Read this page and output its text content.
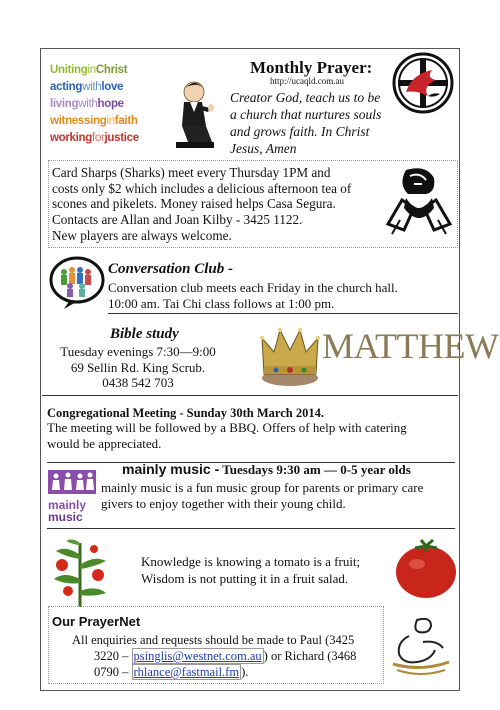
UnitinginChrist
actingwithlove
livingwithhope
witnessinginfaith
workingforjustice
Monthly Prayer:
http://ucaqld.com.au
Creator God, teach us to be a church that nurtures souls and grows faith. In Christ Jesus, Amen
Card Sharps (Sharks) meet every Thursday 1PM and
costs only $2 which includes a delicious afternoon tea of
scones and pikelets. Money raised helps Casa Segura.
Contacts are Allan and Joan Kilby - 3425 1122.
New players are always welcome.
Conversation Club -
Conversation club meets each Friday in the church hall.
10:00 am. Tai Chi class follows at 1:00 pm.
Bible study
Tuesday evenings 7:30—9:00
69 Sellin Rd. King Scrub.
0438 542 703
MATTHEW
Congregational Meeting - Sunday 30th March 2014.
The meeting will be followed by a BBQ. Offers of help with catering
would be appreciated.
mainly
music
mainly music - Tuesdays 9:30 am — 0-5 year olds
mainly music is a fun music group for parents or primary care
givers to enjoy together with their young child.
Knowledge is knowing a tomato is a fruit;
Wisdom is not putting it in a fruit salad.
Our PrayerNet
All enquiries and requests should be made to Paul (3425
3220 – psinglis@westnet.com.au ) or Richard (3468
0790 – rhlance@fastmail.fm ).
